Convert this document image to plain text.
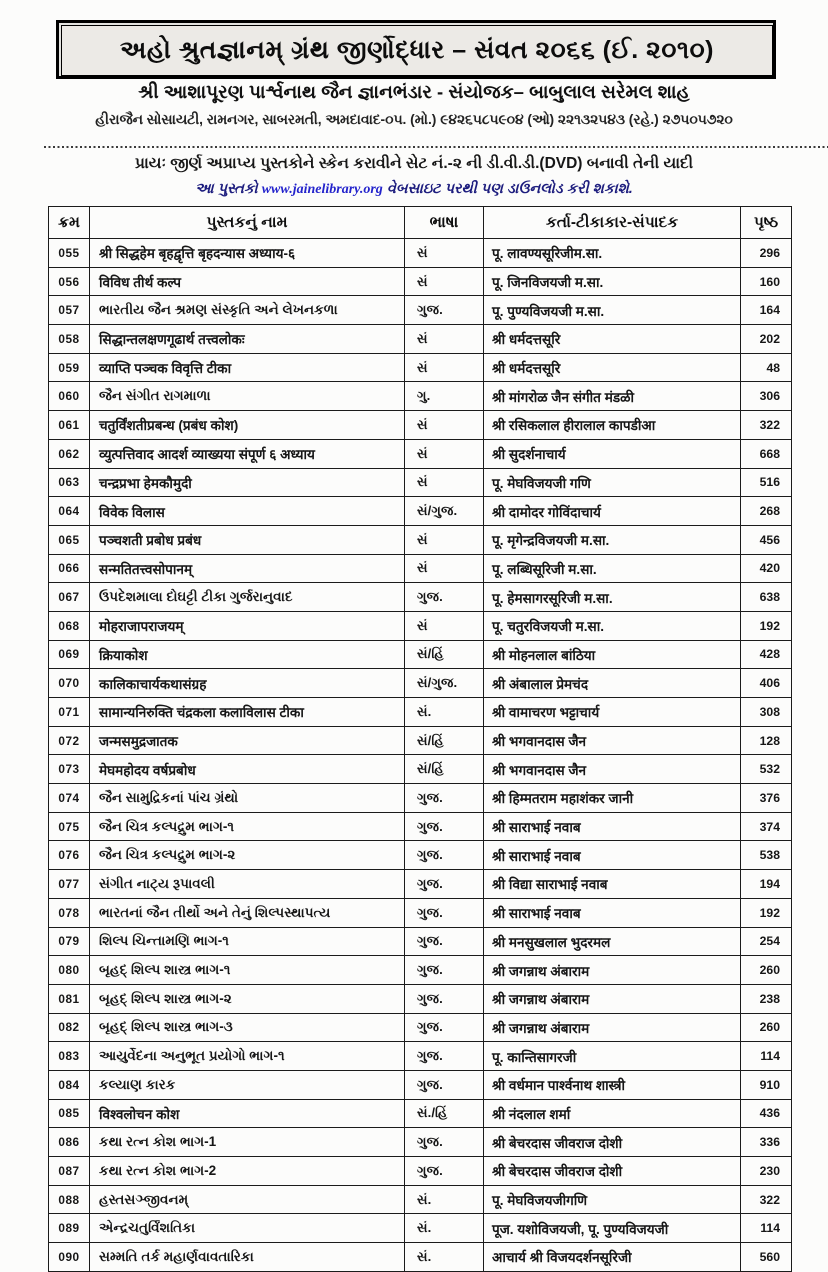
અહો શ્રુતજ્ઞાનમ્ ગ્રંથ જીર્ણોદ્ધાર – સંવત ૨૦૬૬ (ઈ. ૨૦૧૦)
શ્રી આશાપૂરણ પાર્શ્વનાથ જૈન જ્ઞાનભંડાર - સંયોજક– બાબુલાલ સરેમલ શાહ
હીરાજૈન સોસાયટી, રામનગર, સાબરમતી, અમદાવાદ-૦૫. (મો.) ૯૪૨૬૫૮૫૯૦૪ (ઓ) ૨૨૧૩૨૫૪૩ (રહે.) ૨૭૫૦૫૭૨૦
પ્રાયઃ જીર્ણ અપ્રાપ્ય પુસ્તકોને સ્કેન કરાવીને સેટ નં.-૨ ની ડી.વી.ડી.(DVD) બનાવી તેની યાદી
આ પુસ્તકો www.jainelibrary.org વેબસાઇટ પરથી પણ ડાઉનલોડ કરી શકાશે.
ક્રમ	પુસ્તકનું નામ	ભાષા	કર્તા-ટીકાકાર-સંપાદક	પૃષ્ઠ
055	श्री सिद्धहेम बृहद्वृत्ति बृहदन्यास अध्याय-६	સં	पू. लावण्यसूरिजीम.सा.	296
056	विविध तीर्थ कल्प	સં	पू. जिनविजयजी म.सा.	160
057	ભારતીય જૈન શ્રમણ સંસ્કૃતિ અને લેખનકળા	ગુજ.	पू. पुण्यविजयजी म.सा.	164
058	सिद्धान्तलक्षणगूढार्थ तत्त्वलोकः	સં	श्री धर्मदत्तसूरि	202
059	व्याप्ति पञ्चक विवृत्ति टीका	સં	श्री धर्मदत्तसूरि	48
060	જૈન સંગીત રાગમાળા	ગુ.	श्री मांगरोळ जैन संगीत मंडळी	306
061	चतुर्विंशतीप्रबन्ध (प्रबंध कोश)	સં	श्री रसिकलाल हीरालाल कापडीआ	322
062	व्युत्पत्तिवाद आदर्श व्याख्यया संपूर्ण ६ अध्याय	સં	श्री सुदर्शनाचार्य	668
063	चन्द्रप्रभा हेमकौमुदी	સં	पू. मेघविजयजी गणि	516
064	विवेक विलास	સં/ગુજ.	श्री दामोदर गोविंदाचार्य	268
065	पञ्चशती प्रबोध प्रबंध	સં	पू. मृगेन्द्रविजयजी म.सा.	456
066	सन्मतितत्त्वसोपानम्	સં	पू. लब्धिसूरिजी म.सा.	420
067	ઉપદેશમાલા દોઘટ્ટી ટીકા ગુર્જરાનુવાદ	ગુજ.	पू. हेमसागरसूरिजी म.सा.	638
068	मोहराजापराजयम्	સં	पू. चतुरविजयजी म.सा.	192
069	क्रियाकोश	સં/હિં	श्री मोहनलाल बांठिया	428
070	कालिकाचार्यकथासंग्रह	સં/ગુજ.	श्री अंबालाल प्रेमचंद	406
071	सामान्यनिरुक्ति चंद्रकला कलाविलास टीका	સં.	श्री वामाचरण भट्टाचार्य	308
072	जन्मसमुद्रजातक	સં/હિં	श्री भगवानदास जैन	128
073	मेघमहोदय वर्षप्रबोध	સં/હિં	श्री भगवानदास जैन	532
074	જૈન સામુદ્રિકનાં પાંચ ગ્રંથો	ગુજ.	श्री हिम्मतराम महाशंकर जानी	376
075	જૈન ચિત્ર કલ્પદ્રુમ ભાગ-૧	ગુજ.	श्री साराभाई नवाब	374
076	જૈન ચિત્ર કલ્પદ્રુમ ભાગ-૨	ગુજ.	श्री साराभाई नवाब	538
077	સંગીત નાટ્ય રૂપાવલી	ગુજ.	श्री विद्या साराभाई नवाब	194
078	ભારતનાં જૈન તીર્થો અને તેનું શિલ્પસ્થાપત્ય	ગુજ.	श्री साराभाई नवाब	192
079	શિલ્પ ચિન્તામણિ ભાગ-૧	ગુજ.	श्री मनसुखलाल भुदरमल	254
080	બૃહદ્ શિલ્પ શાસ્ત્ર ભાગ-૧	ગુજ.	श्री जगन्नाथ अंबाराम	260
081	બૃહદ્ શિલ્પ શાસ્ત્ર ભાગ-૨	ગુજ.	श्री जगन्नाथ अंबाराम	238
082	બૃહદ્ શિલ્પ શાસ્ત્ર ભાગ-૩	ગુજ.	श्री जगन्नाथ अंबाराम	260
083	આયુર્વેદના અનુભૂત પ્રયોગો ભાગ-૧	ગુજ.	पू. कान्तिसागरजी	114
084	કલ્યાણ કારક	ગુજ.	श्री वर्धमान पार्श्वनाथ शास्त्री	910
085	विश्वलोचन कोश	સં./હિં	श्री नंदलाल शर्मा	436
086	કથા રત્ન કોશ ભાગ-1	ગુજ.	श्री बेचरदास जीवराज दोशी	336
087	કથા રત્ન કોશ ભાગ-2	ગુજ.	श्री बेचरदास जीवराज दोशी	230
088	હસ્તસઞ્જીવનમ્	સં.	पू. मेघविजयजीगणि	322
089	એન્દ્રચતુર્વિંશતિકા	સં.	पूज. यशोविजयजी, पू. पुण्यविजयजी	114
090	સમ્મતિ તર્ક મહાર્ણવાવતારિકા	સં.	आचार्य श्री विजयदर्शनसूरिजी	560
